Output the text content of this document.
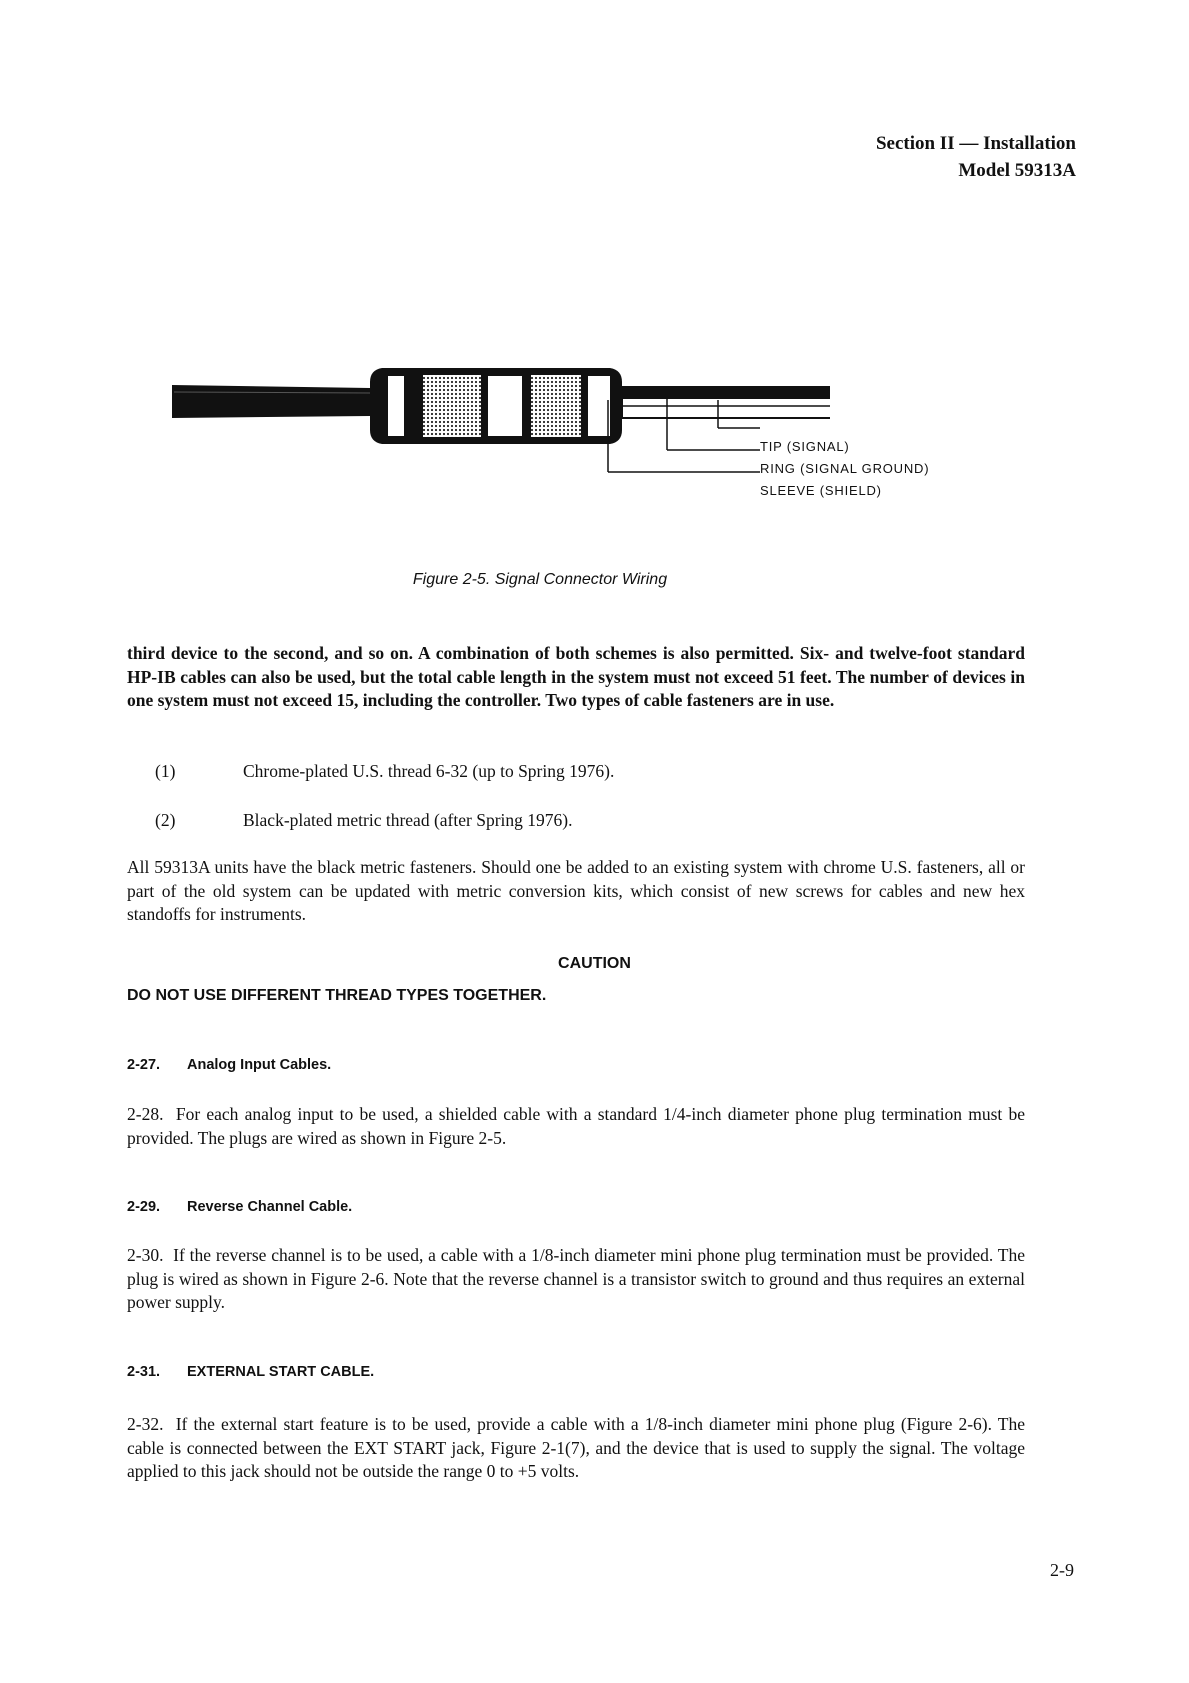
Section II — Installation
Model 59313A
TIP (SIGNAL)
RING (SIGNAL GROUND)
SLEEVE (SHIELD)
Figure 2-5. Signal Connector Wiring

third device to the second, and so on. A combination of both schemes is also permitted. Six- and twelve-foot standard HP-IB cables can also be used, but the total cable length in the system must not exceed 51 feet. The number of devices in one system must not exceed 15, including the controller. Two types of cable fasteners are in use.

(1)	Chrome-plated U.S. thread 6-32 (up to Spring 1976).
(2)	Black-plated metric thread (after Spring 1976).

All 59313A units have the black metric fasteners. Should one be added to an existing system with chrome U.S. fasteners, all or part of the old system can be updated with metric conversion kits, which consist of new screws for cables and new hex standoffs for instruments.

CAUTION
DO NOT USE DIFFERENT THREAD TYPES TOGETHER.
2-27. Analog Input Cables.

2-28. For each analog input to be used, a shielded cable with a standard 1/4-inch diameter phone plug termination must be provided. The plugs are wired as shown in Figure 2-5.

2-29. Reverse Channel Cable.

2-30. If the reverse channel is to be used, a cable with a 1/8-inch diameter mini phone plug termination must be provided. The plug is wired as shown in Figure 2-6. Note that the reverse channel is a transistor switch to ground and thus requires an external power supply.

2-31. EXTERNAL START CABLE.

2-32. If the external start feature is to be used, provide a cable with a 1/8-inch diameter mini phone plug (Figure 2-6). The cable is connected between the EXT START jack, Figure 2-1(7), and the device that is used to supply the signal. The voltage applied to this jack should not be outside the range 0 to +5 volts.

2-9
